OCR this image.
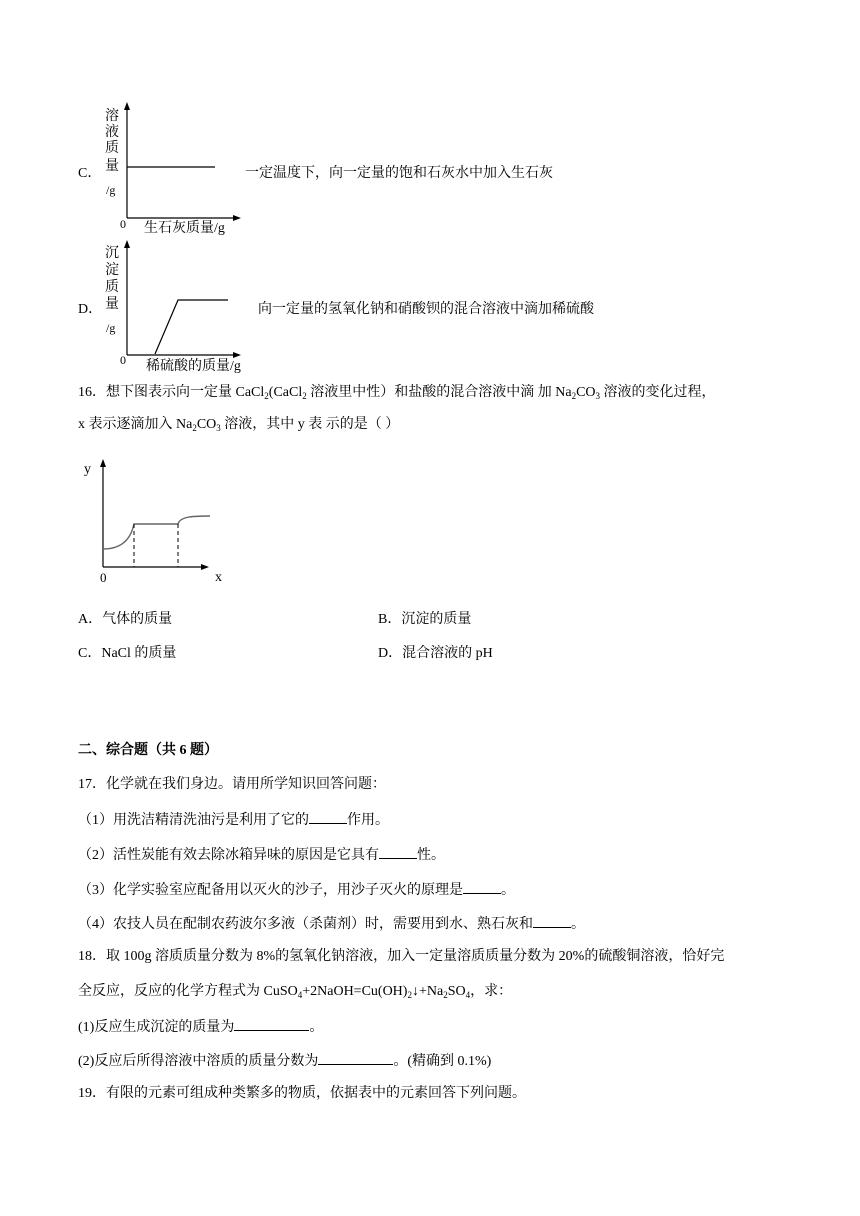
C．
溶
液
质
量
/g
0 生石灰质量/g
一定温度下，向一定量的饱和石灰水中加入生石灰
D．
沉
淀
质
量
/g
0 稀硫酸的质量/g
向一定量的氢氧化钠和硝酸钡的混合溶液中滴加稀硫酸
16．想下图表示向一定量 CaCl$_2$(CaCl$_2$ 溶液里中性）和盐酸的混合溶液中滴 加 $Na_2CO_3$ 溶液的变化过程，
x 表示逐滴加入 $Na_2CO_3$ 溶液，其中 y 表 示的是（ ）
y
0	x
A．气体的质量	B．沉淀的质量
C．NaCl 的质量	D．混合溶液的 pH
二、综合题（共 6 题）
17．化学就在我们身边。请用所学知识回答问题：
（1）用洗洁精清洗油污是利用了它的	作用。
（2）活性炭能有效去除冰箱异味的原因是它具有	性。
（3）化学实验室应配备用以灭火的沙子，用沙子灭火的原理是	。
（4）农技人员在配制农药波尔多液（杀菌剂）时，需要用到水、熟石灰和	。
18．取 100g 溶质质量分数为 8%的氢氧化钠溶液，加入一定量溶质质量分数为 20%的硫酸铜溶液，恰好完
全反应，反应的化学方程式为 $CuSO_4+2NaOH=Cu(OH)_2↓+Na_2SO_4$，求：
(1)反应生成沉淀的质量为	。
(2)反应后所得溶液中溶质的质量分数为	。(精确到 0.1%)
19．有限的元素可组成种类繁多的物质，依据表中的元素回答下列问题。
